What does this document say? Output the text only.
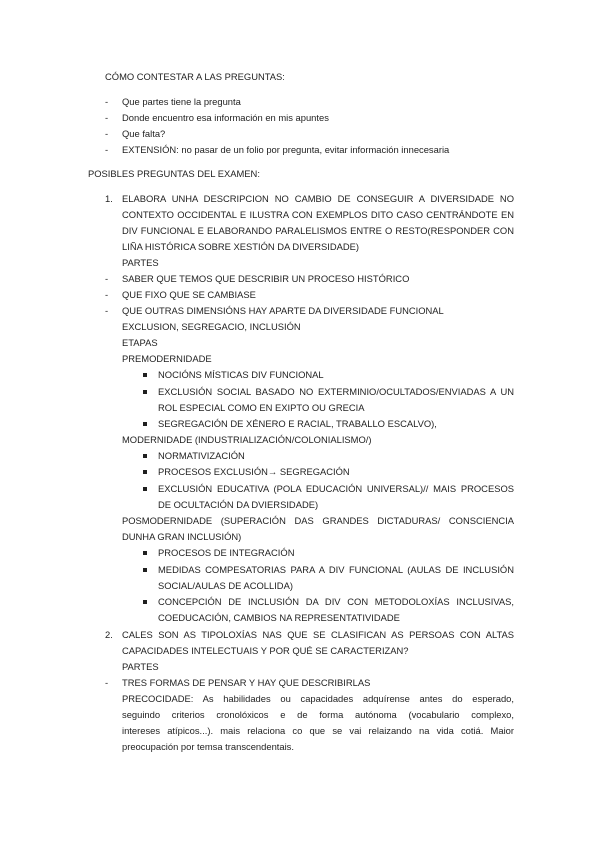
CÓMO CONTESTAR A LAS PREGUNTAS:
- Que partes tiene la pregunta
- Donde encuentro esa información en mis apuntes
- Que falta?
- EXTENSIÓN: no pasar de un folio por pregunta, evitar información innecesaria
POSIBLES PREGUNTAS DEL EXAMEN:
1. ELABORA UNHA DESCRIPCION NO CAMBIO DE CONSEGUIR A DIVERSIDADE NO
CONTEXTO OCCIDENTAL E ILUSTRA CON EXEMPLOS DITO CASO CENTRÁNDOTE EN
DIV FUNCIONAL E ELABORANDO PARALELISMOS ENTRE O RESTO(RESPONDER CON
LIÑA HISTÓRICA SOBRE XESTIÓN DA DIVERSIDADE)
PARTES
- SABER QUE TEMOS QUE DESCRIBIR UN PROCESO HISTÓRICO
- QUE FIXO QUE SE CAMBIASE
- QUE OUTRAS DIMENSIÓNS HAY APARTE DA DIVERSIDADE FUNCIONAL
EXCLUSION, SEGREGACIO, INCLUSIÓN
ETAPAS
PREMODERNIDADE
NOCIÓNS MÍSTICAS DIV FUNCIONAL
EXCLUSIÓN SOCIAL BASADO NO EXTERMINIO/OCULTADOS/ENVIADAS A UN
ROL ESPECIAL COMO EN EXIPTO OU GRECIA
SEGREGACIÓN DE XÉNERO E RACIAL, TRABALLO ESCALVO),
MODERNIDADE (INDUSTRIALIZACIÓN/COLONIALISMO/)
NORMATIVIZACIÓN
PROCESOS EXCLUSIÓN→ SEGREGACIÓN
EXCLUSIÓN EDUCATIVA (POLA EDUCACIÓN UNIVERSAL)// MAIS PROCESOS
DE OCULTACIÓN DA DVIERSIDADE)
POSMODERNIDADE (SUPERACIÓN DAS GRANDES DICTADURAS/ CONSCIENCIA
DUNHA GRAN INCLUSIÓN)
PROCESOS DE INTEGRACIÓN
MEDIDAS COMPESATORIAS PARA A DIV FUNCIONAL (AULAS DE INCLUSIÓN
SOCIAL/AULAS DE ACOLLIDA)
CONCEPCIÓN DE INCLUSIÓN DA DIV CON METODOLOXÍAS INCLUSIVAS,
COEDUCACIÓN, CAMBIOS NA REPRESENTATIVIDADE
2. CALES SON AS TIPOLOXÍAS NAS QUE SE CLASIFICAN AS PERSOAS CON ALTAS
CAPACIDADES INTELECTUAIS Y POR QUÉ SE CARACTERIZAN?
PARTES
- TRES FORMAS DE PENSAR Y HAY QUE DESCRIBIRLAS
PRECOCIDADE: As habilidades ou capacidades adquírense antes do esperado,
seguindo criterios cronolóxicos e de forma autónoma (vocabulario complexo,
intereses atípicos...). mais relaciona co que se vai relaizando na vida cotiá. Maior
preocupación por temsa transcendentais.
